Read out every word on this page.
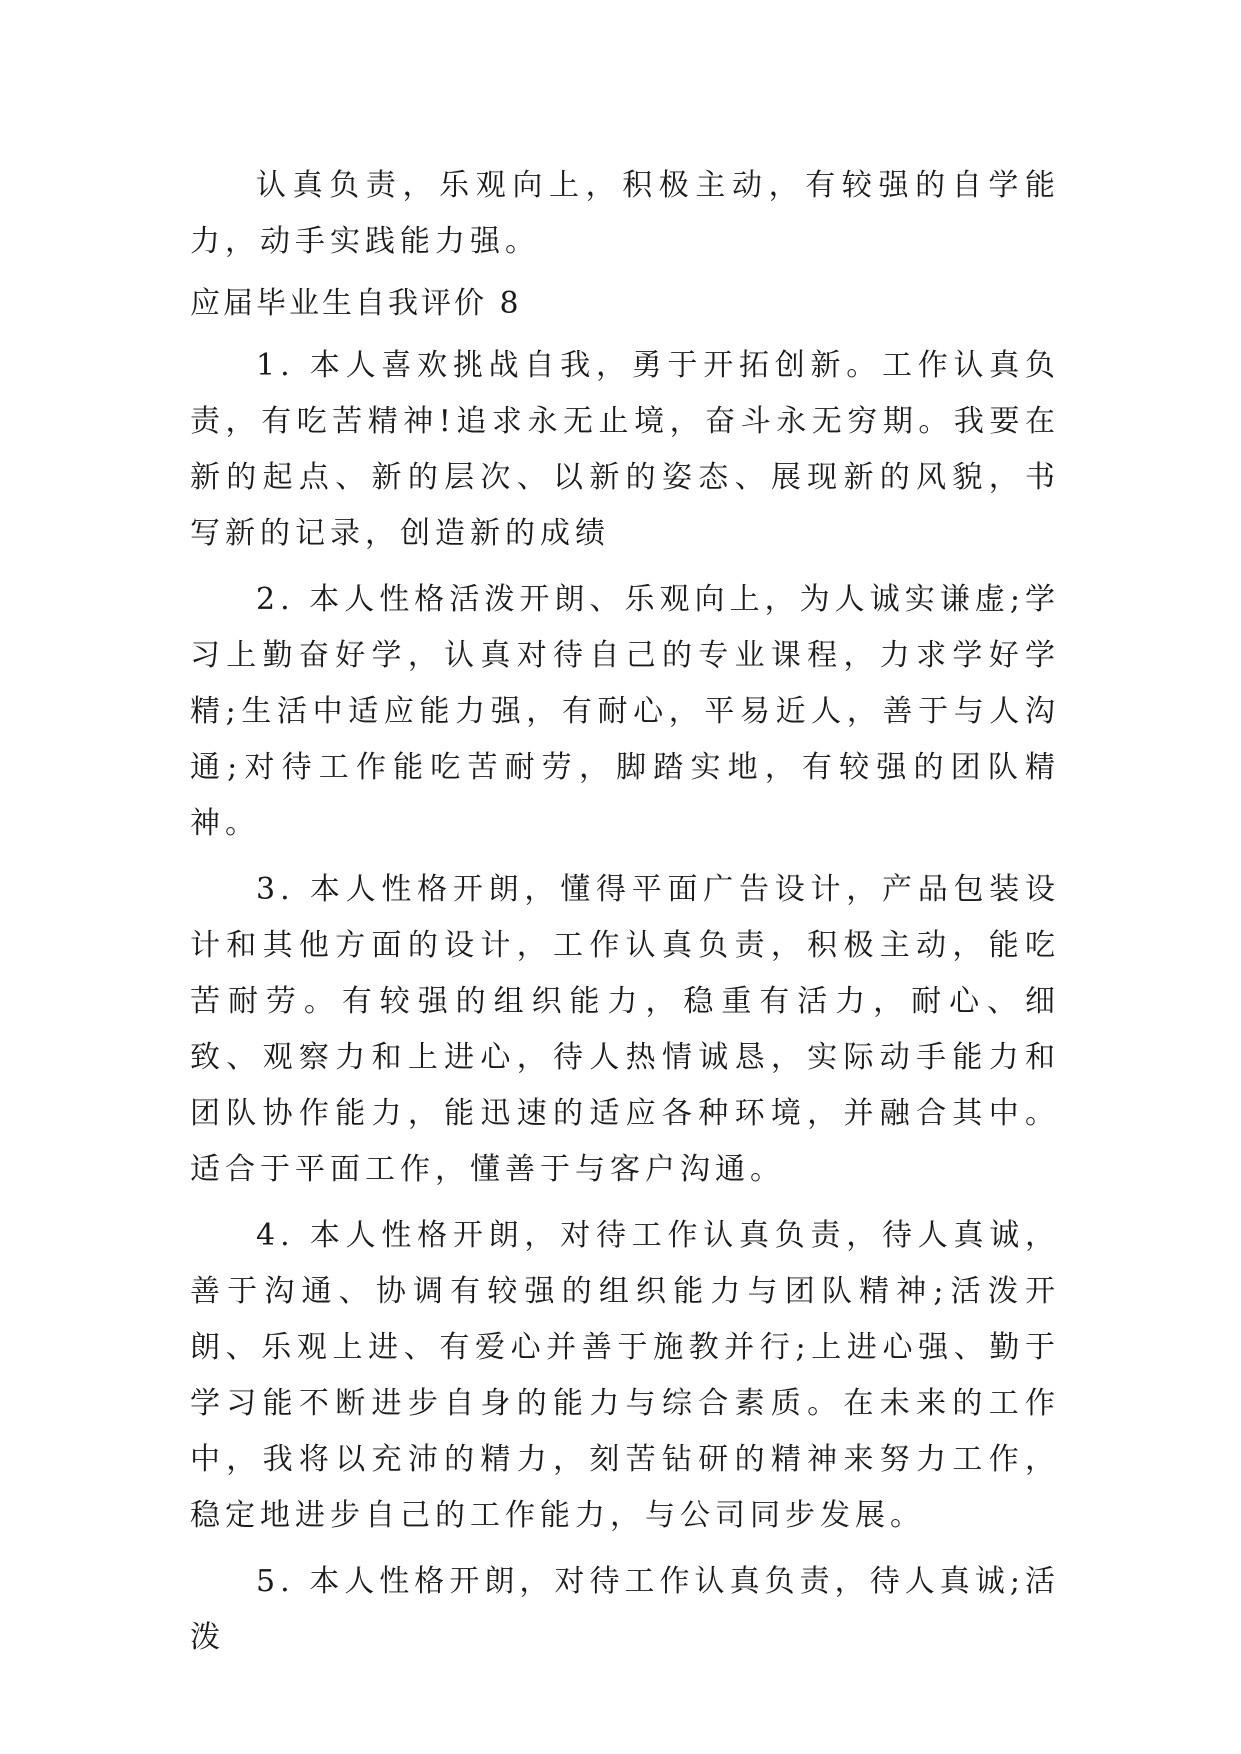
认真负责，乐观向上，积极主动，有较强的自学能力，动手实践能力强。

应届毕业生自我评价 8

1. 本人喜欢挑战自我，勇于开拓创新。工作认真负责，有吃苦精神!追求永无止境，奋斗永无穷期。我要在新的起点、新的层次、以新的姿态、展现新的风貌，书写新的记录，创造新的成绩

2. 本人性格活泼开朗、乐观向上，为人诚实谦虚;学习上勤奋好学，认真对待自己的专业课程，力求学好学精;生活中适应能力强，有耐心，平易近人，善于与人沟通;对待工作能吃苦耐劳，脚踏实地，有较强的团队精神。

3. 本人性格开朗，懂得平面广告设计，产品包装设计和其他方面的设计，工作认真负责，积极主动，能吃苦耐劳。有较强的组织能力，稳重有活力，耐心、细致、观察力和上进心，待人热情诚恳，实际动手能力和团队协作能力，能迅速的适应各种环境，并融合其中。适合于平面工作，懂善于与客户沟通。

4. 本人性格开朗，对待工作认真负责，待人真诚，善于沟通、协调有较强的组织能力与团队精神;活泼开朗、乐观上进、有爱心并善于施教并行;上进心强、勤于学习能不断进步自身的能力与综合素质。在未来的工作中，我将以充沛的精力，刻苦钻研的精神来努力工作，稳定地进步自己的工作能力，与公司同步发展。

5. 本人性格开朗，对待工作认真负责，待人真诚;活泼
